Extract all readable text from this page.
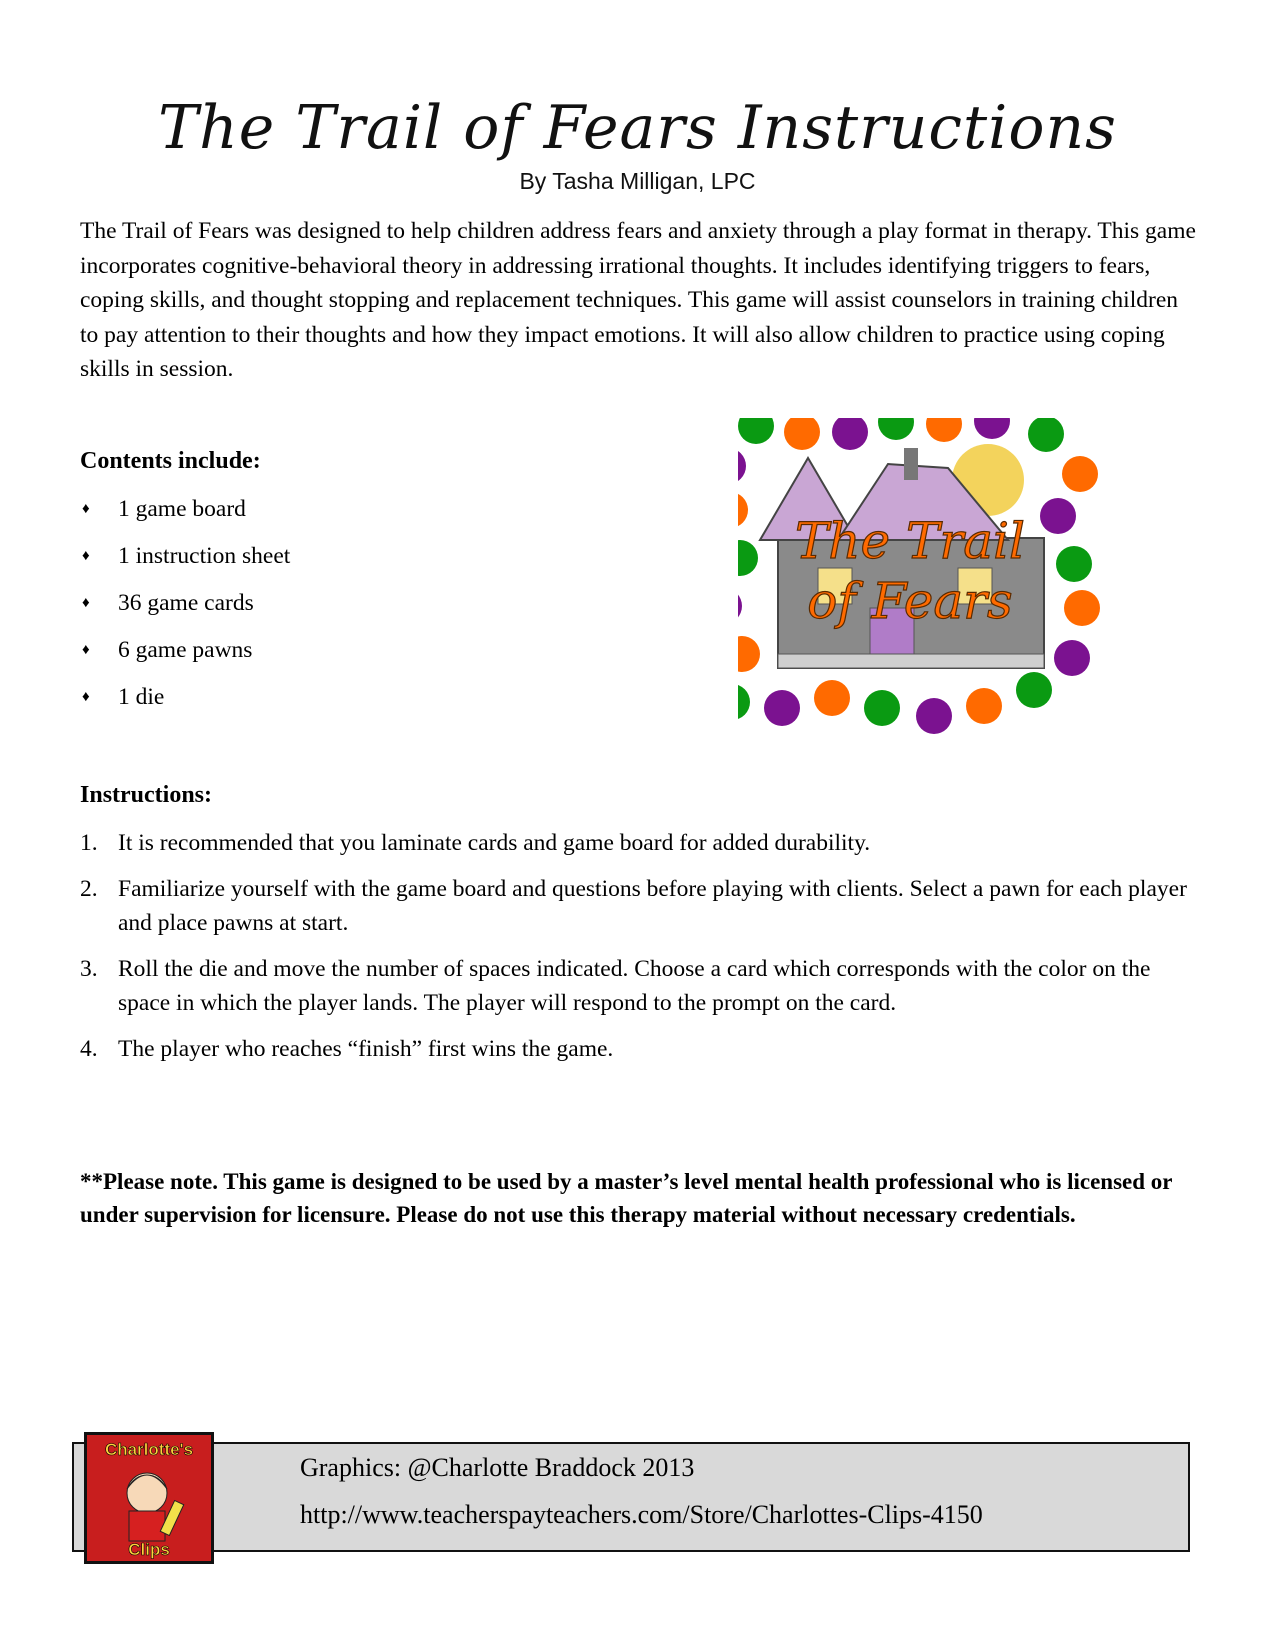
The Trail of Fears Instructions
By Tasha Milligan, LPC

The Trail of Fears was designed to help children address fears and anxiety through a play format in therapy. This game incorporates cognitive-behavioral theory in addressing irrational thoughts. It includes identifying triggers to fears, coping skills, and thought stopping and replacement techniques. This game will assist counselors in training children to pay attention to their thoughts and how they impact emotions. It will also allow children to practice using coping skills in session.

Contents include:
♦ 1 game board
♦ 1 instruction sheet
♦ 36 game cards
♦ 6 game pawns
♦ 1 die
The Trail
of Fears
Instructions:
1. It is recommended that you laminate cards and game board for added durability.
2. Familiarize yourself with the game board and questions before playing with clients. Select a pawn for each player and place pawns at start.
3. Roll the die and move the number of spaces indicated. Choose a card which corresponds with the color on the space in which the player lands. The player will respond to the prompt on the card.
4. The player who reaches “finish” first wins the game.

**Please note. This game is designed to be used by a master’s level mental health professional who is licensed or under supervision for licensure. Please do not use this therapy material without necessary credentials.

Charlotte's
Clips
Graphics: @Charlotte Braddock 2013
http://www.teacherspayteachers.com/Store/Charlottes-Clips-4150
